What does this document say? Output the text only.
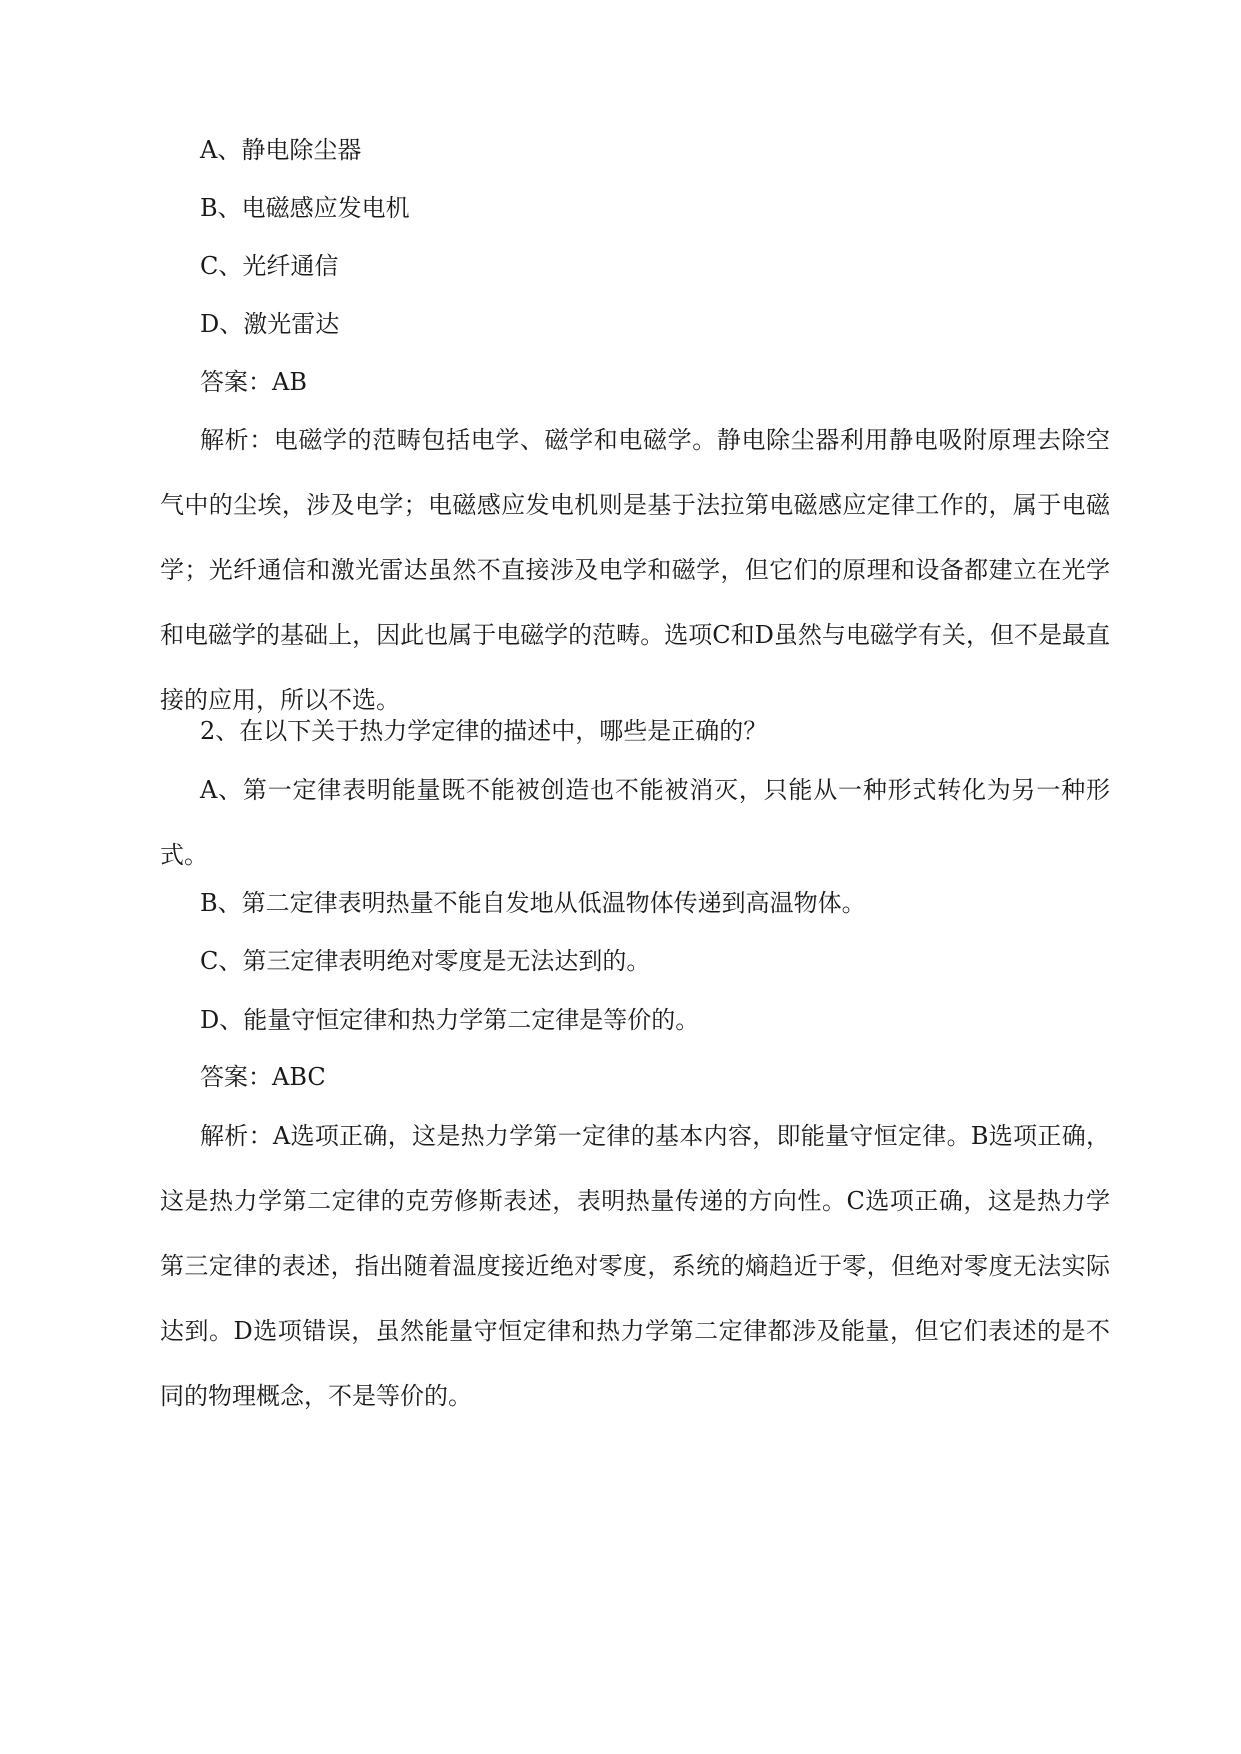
A、静电除尘器

B、电磁感应发电机

C、光纤通信

D、激光雷达

答案：AB

解析：电磁学的范畴包括电学、磁学和电磁学。静电除尘器利用静电吸附原理去除空气中的尘埃，涉及电学；电磁感应发电机则是基于法拉第电磁感应定律工作的，属于电磁学；光纤通信和激光雷达虽然不直接涉及电学和磁学，但它们的原理和设备都建立在光学和电磁学的基础上，因此也属于电磁学的范畴。选项C和D虽然与电磁学有关，但不是最直接的应用，所以不选。

2、在以下关于热力学定律的描述中，哪些是正确的？

A、第一定律表明能量既不能被创造也不能被消灭，只能从一种形式转化为另一种形式。

B、第二定律表明热量不能自发地从低温物体传递到高温物体。

C、第三定律表明绝对零度是无法达到的。

D、能量守恒定律和热力学第二定律是等价的。

答案：ABC

解析：A选项正确，这是热力学第一定律的基本内容，即能量守恒定律。B选项正确，这是热力学第二定律的克劳修斯表述，表明热量传递的方向性。C选项正确，这是热力学第三定律的表述，指出随着温度接近绝对零度，系统的熵趋近于零，但绝对零度无法实际达到。D选项错误，虽然能量守恒定律和热力学第二定律都涉及能量，但它们表述的是不同的物理概念，不是等价的。
